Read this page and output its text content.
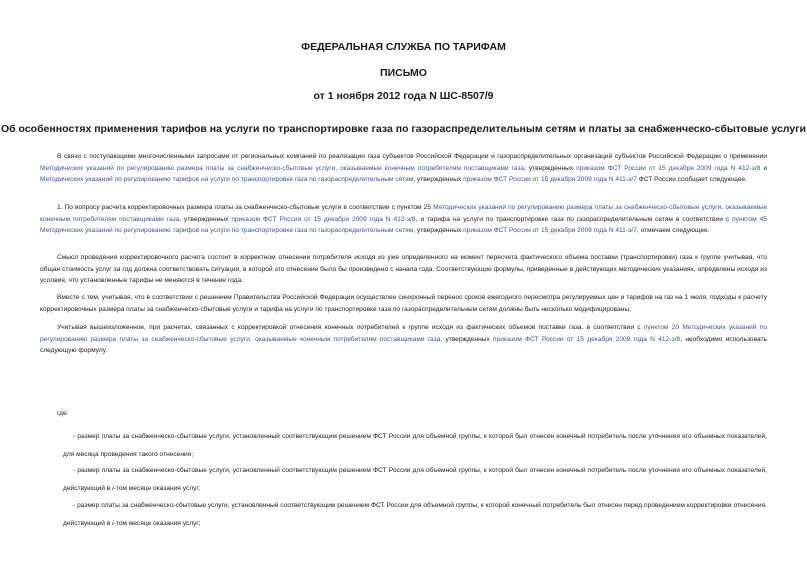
ФЕДЕРАЛЬНАЯ СЛУЖБА ПО ТАРИФАМ
ПИСЬМО
от 1 ноября 2012 года N ШС-8507/9
Об особенностях применения тарифов на услуги по транспортировке газа по газораспределительным сетям и платы за снабженческо-сбытовые услуги
В связи с поступающими многочисленными запросами от региональных компаний по реализации газа субъектов Российской Федерации и газораспределительных организаций субъектов Российской Федерации о применении Методических указаний по регулированию размера платы за снабженческо-сбытовые услуги, оказываемые конечным потребителям поставщиками газа, утвержденных приказом ФСТ России от 15 декабря 2009 года N 412-э/8 и Методических указаний по регулированию тарифов на услуги по транспортировке газа по газораспределительным сетям, утвержденных приказом ФСТ России от 15 декабря 2009 года N 411-э/7 ФСТ России сообщает следующее.
1. По вопросу расчета корректировочных размера платы за снабженческо-сбытовые услуги в соответствии с пунктом 25 Методических указаний по регулированию размера платы за снабженческо-сбытовые услуги, оказываемые конечным потребителям поставщиками газа, утвержденных приказом ФСТ России от 15 декабря 2009 года N 412-э/8, и тарифа на услуги по транспортировке газа по газораспределительным сетям в соответствии с пунктом 45 Методических указаний по регулированию тарифов на услуги по транспортировке газа по газораспределительным сетям, утвержденных приказом ФСТ России от 15 декабря 2009 года N 411-э/7, отмечаем следующее.
Смысл проведения корректировочного расчета состоит в корректном отнесении потребителя исходя из уже определенного на момент пересчета фактического объема поставки (транспортировки) газа к группе учитывая, что общая стоимость услуг за год должна соответствовать ситуации, в которой это отнесение было бы произведено с начала года. Соответствующие формулы, приведенные в действующих методических указаниях, определены исходя из условия, что установленные тарифы не меняются в течение года.
Вместе с тем, учитывая, что в соответствии с решением Правительства Российской Федерации осуществлен синхронный перенос сроков ежегодного пересмотра регулируемых цен и тарифов на газ на 1 июля, подходы к расчету корректировочных размера платы за снабженческо-сбытовые услуги и тарифа на услуги по транспортировке газа по газораспределительным сетям должны быть несколько модифицированы.
Учитывая вышеизложенное, при расчетах, связанных с корректировкой отнесения конечных потребителей к группе исходя из фактических объемов поставки газа, в соответствии с пунктом 20 Методических указаний по регулированию размера платы за снабженческо-сбытовые услуги, оказываемые конечным потребителям поставщиками газа, утвержденных приказом ФСТ России от 15 декабря 2009 года N 412-э/8, необходимо использовать следующую формулу:
где:
- размер платы за снабженческо-сбытовые услуги, установленный соответствующим решением ФСТ России для объемной группы, к которой был отнесен конечный потребитель после уточнения его объемных показателей, для месяца проведения такого отнесения;
- размер платы за снабженческо-сбытовые услуги, установленный соответствующим решением ФСТ России для объемной группы, к которой был отнесен конечный потребитель после уточнения его объемных показателей, действующий в i-том месяце оказания услуг;
- размер платы за снабженческо-сбытовые услуги, установленный соответствующим решением ФСТ России для объемной группы, к которой конечный потребитель был отнесен перед проведением корректировки отнесения, действующий в i-том месяце оказания услуг;
